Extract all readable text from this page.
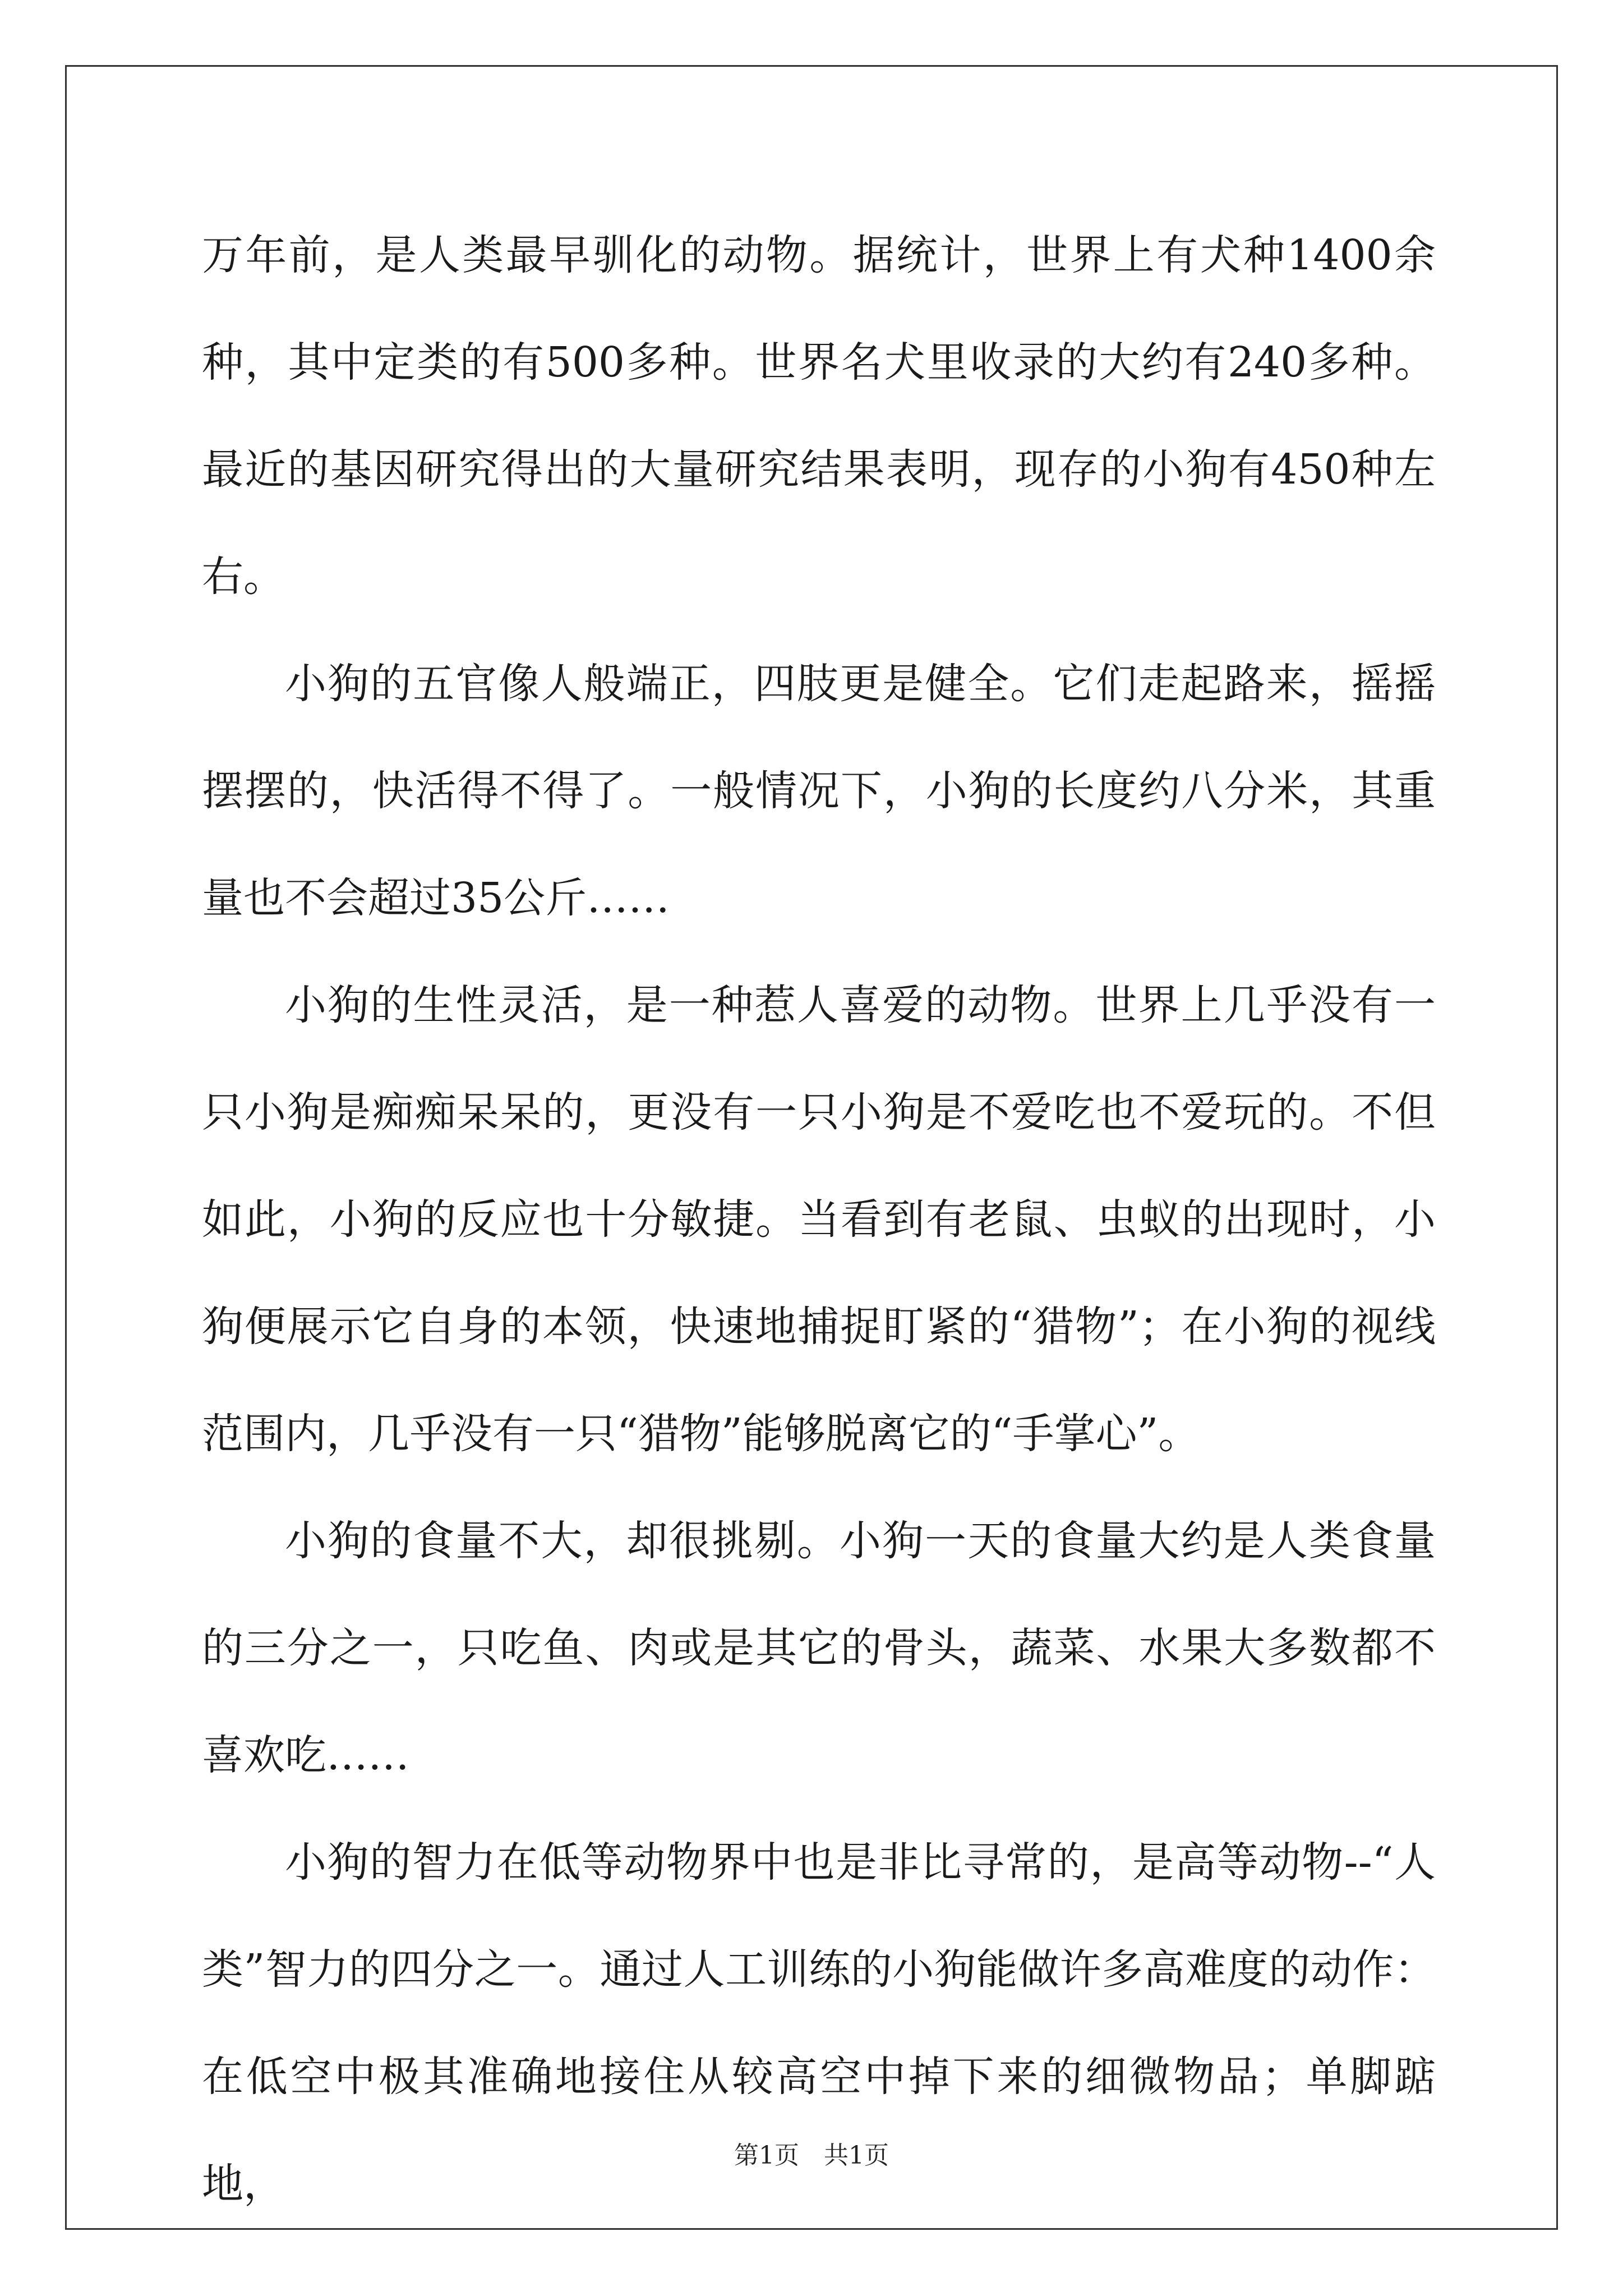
万年前，是人类最早驯化的动物。据统计，世界上有犬种1400余种，其中定类的有500多种。世界名犬里收录的大约有240多种。最近的基因研究得出的大量研究结果表明，现存的小狗有450种左右。

小狗的五官像人般端正，四肢更是健全。它们走起路来，摇摇摆摆的，快活得不得了。一般情况下，小狗的长度约八分米，其重量也不会超过35公斤……

小狗的生性灵活，是一种惹人喜爱的动物。世界上几乎没有一只小狗是痴痴呆呆的，更没有一只小狗是不爱吃也不爱玩的。不但如此，小狗的反应也十分敏捷。当看到有老鼠、虫蚁的出现时，小狗便展示它自身的本领，快速地捕捉盯紧的“猎物”；在小狗的视线范围内，几乎没有一只“猎物”能够脱离它的“手掌心”。

小狗的食量不大，却很挑剔。小狗一天的食量大约是人类食量的三分之一，只吃鱼、肉或是其它的骨头，蔬菜、水果大多数都不喜欢吃……

小狗的智力在低等动物界中也是非比寻常的，是高等动物--“人类”智力的四分之一。通过人工训练的小狗能做许多高难度的动作：在低空中极其准确地接住从较高空中掉下来的细微物品；单脚踮地，

第1页 共1页
